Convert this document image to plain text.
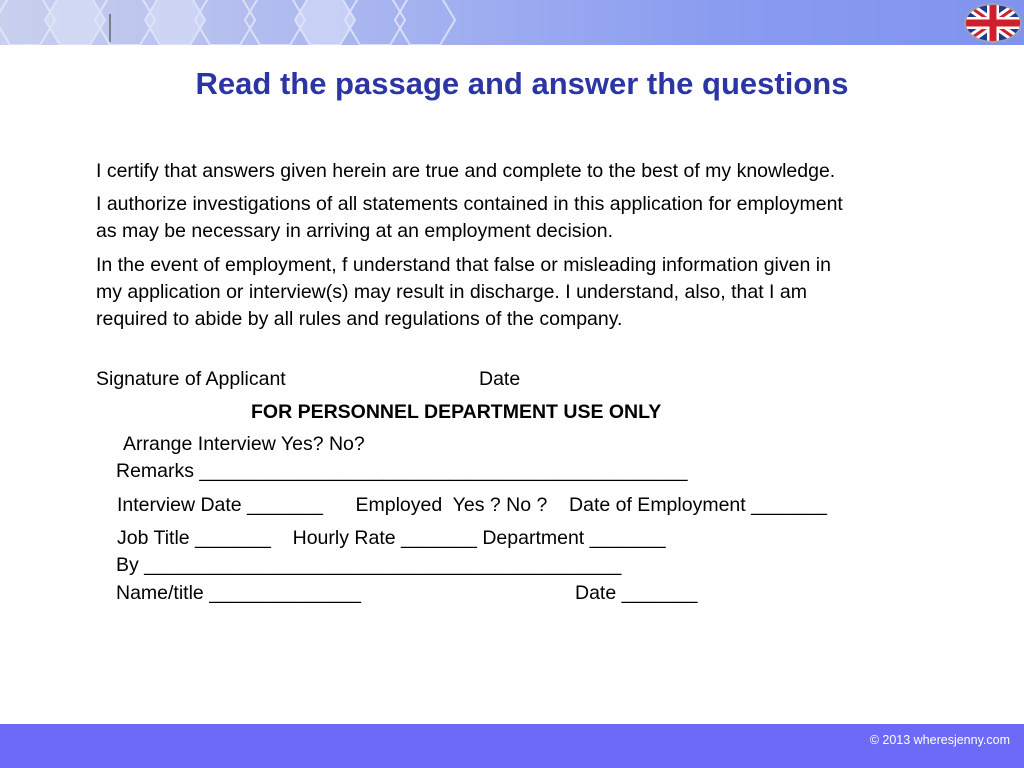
Read the passage and answer the questions
I certify that answers given herein are true and complete to the best of my knowledge.
I authorize investigations of all statements contained in this application for employment
as may be necessary in arriving at an employment decision.
In the event of employment, f understand that false or misleading information given in
my application or interview(s) may result in discharge. I understand, also, that I am
required to abide by all rules and regulations of the company.
Signature of Applicant	Date
FOR PERSONNEL DEPARTMENT USE ONLY
Arrange Interview Yes? No?
Remarks _____________________________________________
Interview Date _______      Employed  Yes ? No ?    Date of Employment _______
Job Title _______    Hourly Rate _______ Department _______
By ____________________________________________
Name/title ______________	Date _______
© 2013 wheresjenny.com
